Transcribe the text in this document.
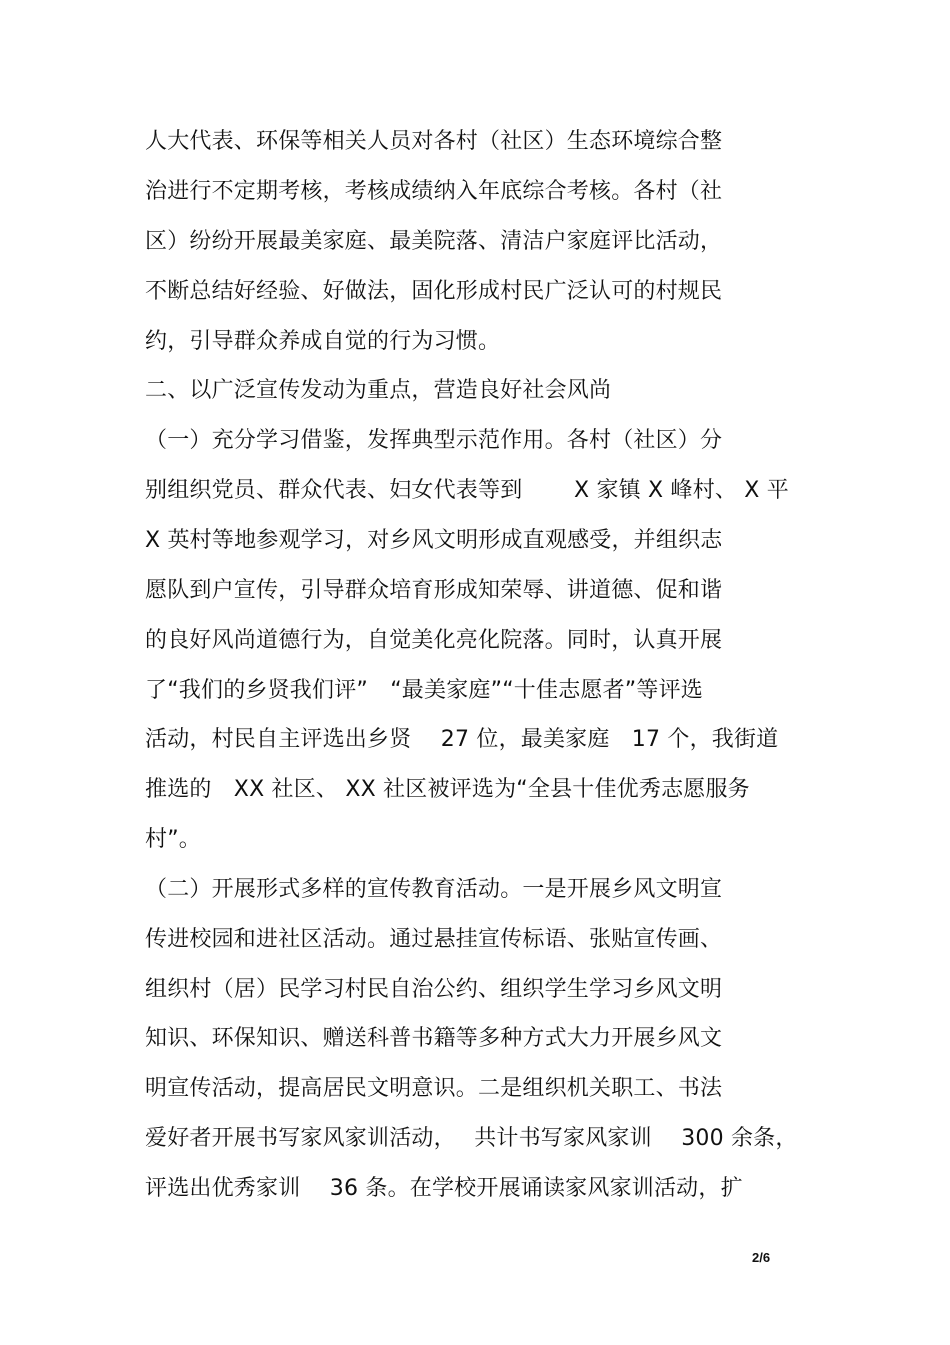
人大代表、环保等相关人员对各村（社区）生态环境综合整
治进行不定期考核，考核成绩纳入年底综合考核。各村（社
区）纷纷开展最美家庭、最美院落、清洁户家庭评比活动，
不断总结好经验、好做法，固化形成村民广泛认可的村规民
约，引导群众养成自觉的行为习惯。
二、以广泛宣传发动为重点，营造良好社会风尚
（一）充分学习借鉴，发挥典型示范作用。各村（社区）分
别组织党员、群众代表、妇女代表等到　　 X 家镇 X 峰村、 X 平
X 英村等地参观学习，对乡风文明形成直观感受，并组织志
愿队到户宣传，引导群众培育形成知荣辱、讲道德、促和谐
的良好风尚道德行为，自觉美化亮化院落。同时，认真开展
了“我们的乡贤我们评”　“最美家庭”“十佳志愿者”等评选
活动，村民自主评选出乡贤　 27 位，最美家庭　17 个，我街道
推选的　XX 社区、 XX 社区被评选为“全县十佳优秀志愿服务
村”。
（二）开展形式多样的宣传教育活动。一是开展乡风文明宣
传进校园和进社区活动。通过悬挂宣传标语、张贴宣传画、
组织村（居）民学习村民自治公约、组织学生学习乡风文明
知识、环保知识、赠送科普书籍等多种方式大力开展乡风文
明宣传活动，提高居民文明意识。二是组织机关职工、书法
爱好者开展书写家风家训活动，　 共计书写家风家训　 300 余条，
评选出优秀家训　 36 条。在学校开展诵读家风家训活动，扩
2/6
